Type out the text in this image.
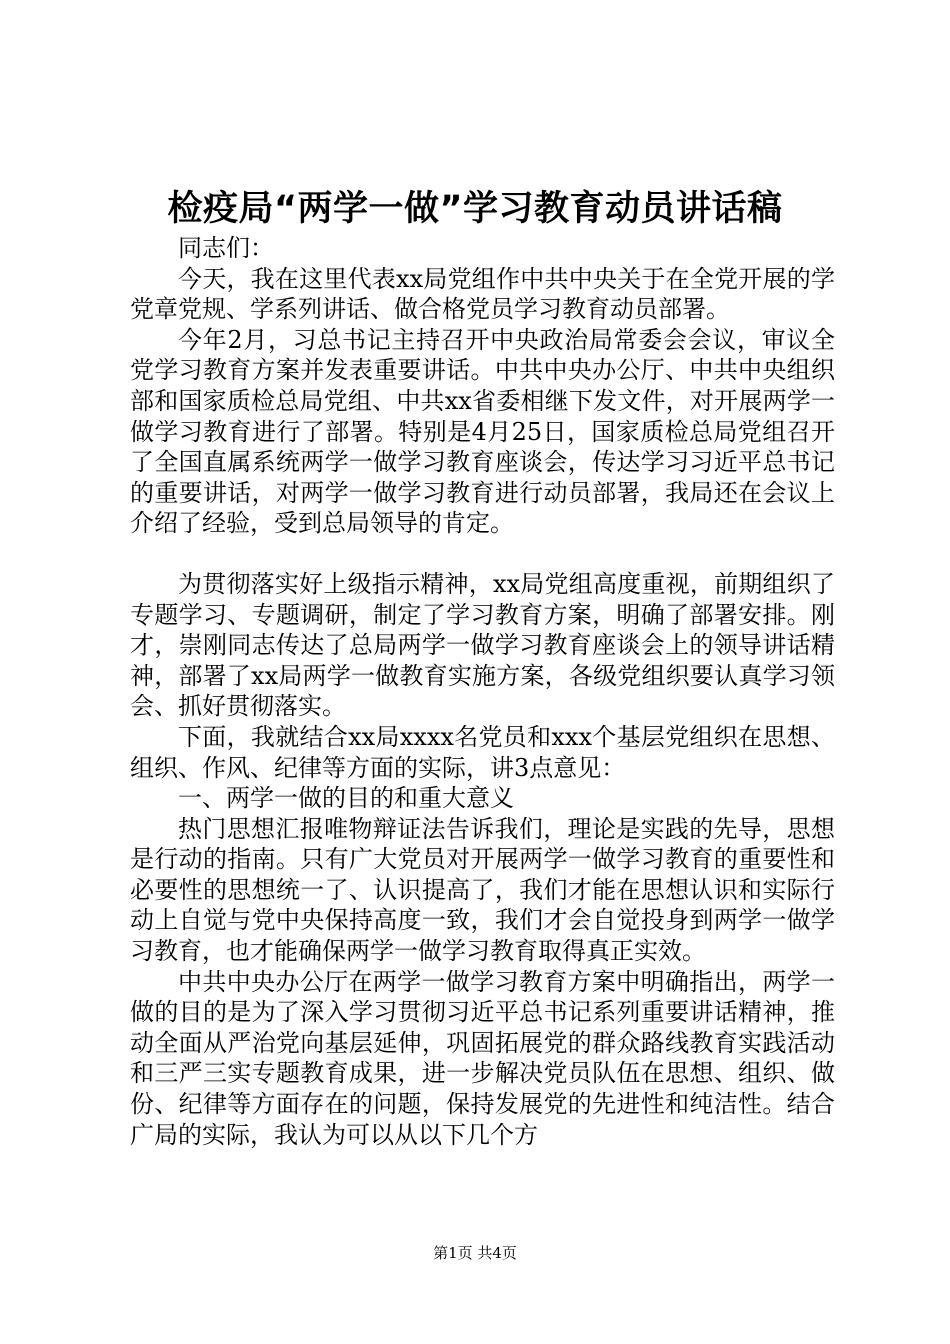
检疫局“两学一做”学习教育动员讲话稿

同志们：

今天，我在这里代表xx局党组作中共中央关于在全党开展的学党章党规、学系列讲话、做合格党员学习教育动员部署。

今年2月，习总书记主持召开中央政治局常委会会议，审议全党学习教育方案并发表重要讲话。中共中央办公厅、中共中央组织部和国家质检总局党组、中共xx省委相继下发文件，对开展两学一做学习教育进行了部署。特别是4月25日，国家质检总局党组召开了全国直属系统两学一做学习教育座谈会，传达学习习近平总书记的重要讲话，对两学一做学习教育进行动员部署，我局还在会议上介绍了经验，受到总局领导的肯定。

为贯彻落实好上级指示精神，xx局党组高度重视，前期组织了专题学习、专题调研，制定了学习教育方案，明确了部署安排。刚才，崇刚同志传达了总局两学一做学习教育座谈会上的领导讲话精神，部署了xx局两学一做教育实施方案，各级党组织要认真学习领会、抓好贯彻落实。

下面，我就结合xx局xxxx名党员和xxx个基层党组织在思想、组织、作风、纪律等方面的实际，讲3点意见：

一、两学一做的目的和重大意义

热门思想汇报唯物辩证法告诉我们，理论是实践的先导，思想是行动的指南。只有广大党员对开展两学一做学习教育的重要性和必要性的思想统一了、认识提高了，我们才能在思想认识和实际行动上自觉与党中央保持高度一致，我们才会自觉投身到两学一做学习教育，也才能确保两学一做学习教育取得真正实效。

中共中央办公厅在两学一做学习教育方案中明确指出，两学一做的目的是为了深入学习贯彻习近平总书记系列重要讲话精神，推动全面从严治党向基层延伸，巩固拓展党的群众路线教育实践活动和三严三实专题教育成果，进一步解决党员队伍在思想、组织、做份、纪律等方面存在的问题，保持发展党的先进性和纯洁性。结合广局的实际，我认为可以从以下几个方

第1页 共4页
